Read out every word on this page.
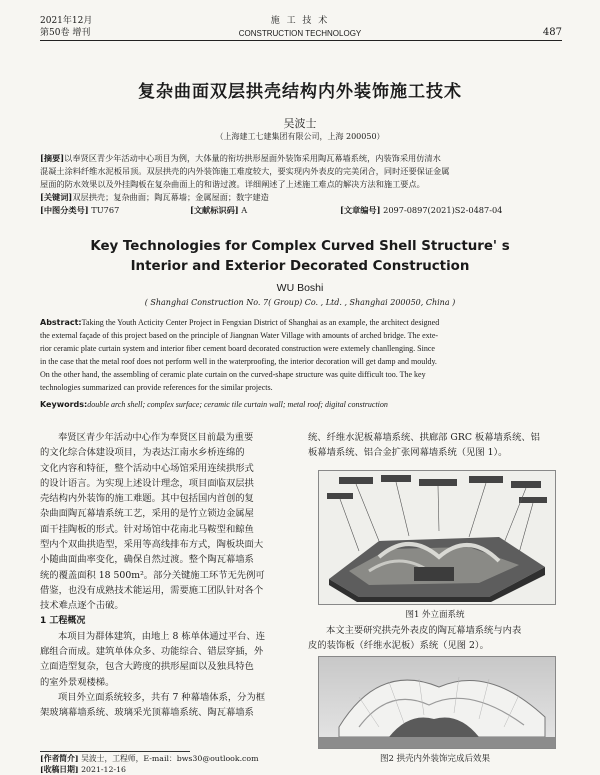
2021年12月
第50卷 增刊
施 工 技 术
CONSTRUCTION TECHNOLOGY	487
复杂曲面双层拱壳结构内外装饰施工技术
吴波士
（上海建工七建集团有限公司，上海 200050）
[摘要]以奉贤区青少年活动中心项目为例，大体量的衔坊拱形屋面外装饰采用陶瓦幕墙系统，内装饰采用仿清水
混凝土涂料纤维水泥板吊顶。双层拱壳的内外装饰施工难度较大，要实现内外表皮的完美闭合，同时还要保证金属
屋面的防水效果以及外挂陶板在复杂曲面上的和谐过渡。详细阐述了上述施工难点的解决方法和施工要点。
[关键词]双层拱壳；复杂曲面；陶瓦幕墙；金属屋面；数字建造
[中图分类号] TU767	[文献标识码] A	[文章编号] 2097-0897(2021)S2-0487-04
Key Technologies for Complex Curved Shell Structure' s
Interior and Exterior Decorated Construction
WU Boshi
( Shanghai Construction No. 7( Group) Co. , Ltd. , Shanghai 200050, China )
Abstract:Taking the Youth Acticity Center Project in Fengxian District of Shanghai as an example, the architect designed
the external façade of this project based on the principle of Jiangnan Water Village with amounts of arched bridge. The exte-
rior ceramic plate curtain system and interior fiber cement board decorated construction were extemely chanllenging. Since
in the case that the metal roof does not perform well in the waterproofing, the interior decoration will get damp and mouldy.
On the other hand, the assembling of ceramic plate curtain on the curved-shape structure was quite difficult too. The key
technologies summarized can provide references for the similar projects.
Keywords:double arch shell; complex surface; ceramic tile curtain wall; metal roof; digital construction
奉贤区青少年活动中心作为奉贤区目前最为重要
的文化综合体建设项目，为表达江南水乡桥连绵的
文化内容和特征，整个活动中心场馆采用连续拱形式
的设计语言。为实现上述设计理念，项目面临双层拱
壳结构内外装饰的施工难题。其中包括国内首创的复
杂曲面陶瓦幕墙系统工艺，采用的是竹立锁边金属屋
面干挂陶板的形式。针对场馆中花南北马鞍型和鲸鱼
型内个双曲拱造型，采用等高线排布方式，陶板块面大
小随曲面曲率变化，确保自然过渡。整个陶瓦幕墙系
统的覆盖面积 18 500m²。部分关键施工环节无先例可
借鉴，也没有成熟技术能运用，需要施工团队针对各个
技术难点逐个击破。
1 工程概况
本项目为群体建筑，由地上 8 栋单体通过平台、连
廊组合而成。建筑单体众多、功能综合、错层穿插，外
立面造型复杂，包含大跨度的拱形屋面以及独具特色
的室外景观楼梯。
项目外立面系统较多，共有 7 种幕墙体系，分为框
架玻璃幕墙系统、玻璃采光顶幕墙系统、陶瓦幕墙系
统、纤维水泥板幕墙系统、拱廊部 GRC 板幕墙系统、铝
板幕墙系统、铝合金扩张网幕墙系统（见图 1）。
图1 外立面系统
本文主要研究拱壳外表皮的陶瓦幕墙系统与内表
皮的装饰板（纤维水泥板）系统（见图 2）。
[作者简介] 吴波士，工程师，E-mail：bws30@outlook.com
[收稿日期] 2021-12-16
图2 拱壳内外装饰完成后效果
